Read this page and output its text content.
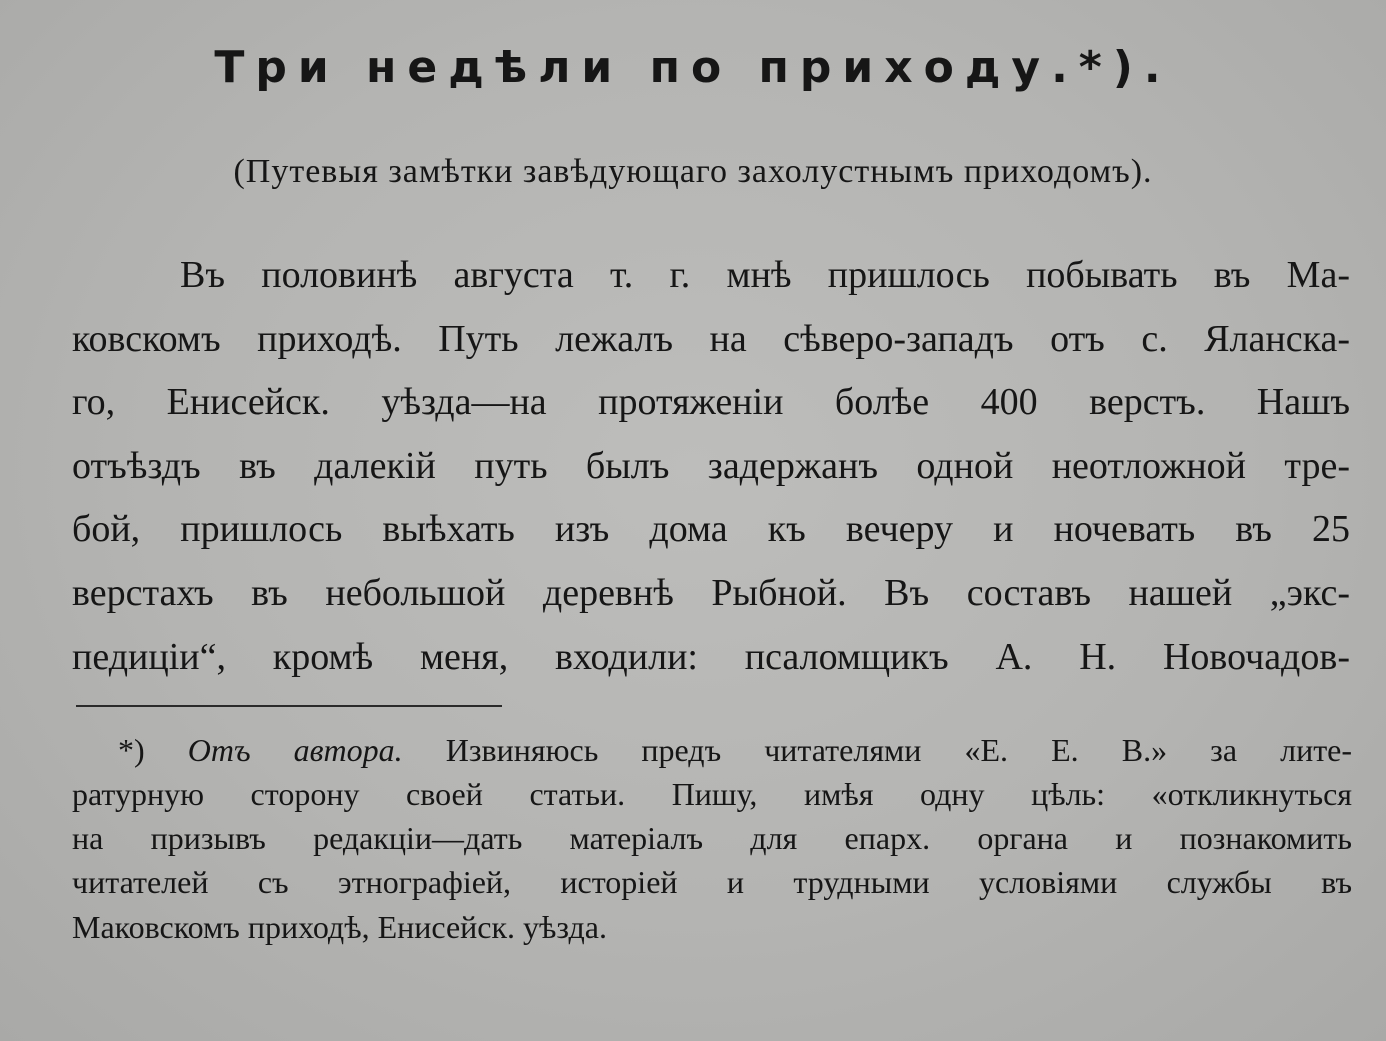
Три недѣли по приходу.*).
(Путевыя замѣтки завѣдующаго захолустнымъ приходомъ).
Въ половинѣ августа т. г. мнѣ пришлось побывать въ Ма-
ковскомъ приходѣ. Путь лежалъ на сѣверо-западъ отъ с. Яланска-
го, Енисейск. уѣзда—на протяженіи болѣе 400 верстъ. Нашъ
отъѣздъ въ далекій путь былъ задержанъ одной неотложной тре-
бой, пришлось выѣхать изъ дома къ вечеру и ночевать въ 25
верстахъ въ небольшой деревнѣ Рыбной. Въ составъ нашей „экс-
педиціи“, кромѣ меня, входили: псаломщикъ А. Н. Новочадов-
*) Отъ автора. Извиняюсь предъ читателями «Е. Е. В.» за лите-
ратурную сторону своей статьи. Пишу, имѣя одну цѣль: «откликнуться
на призывъ редакціи—дать матеріалъ для епарх. органа и познакомить
читателей съ этнографіей, исторіей и трудными условіями службы въ
Маковскомъ приходѣ, Енисейск. уѣзда.
